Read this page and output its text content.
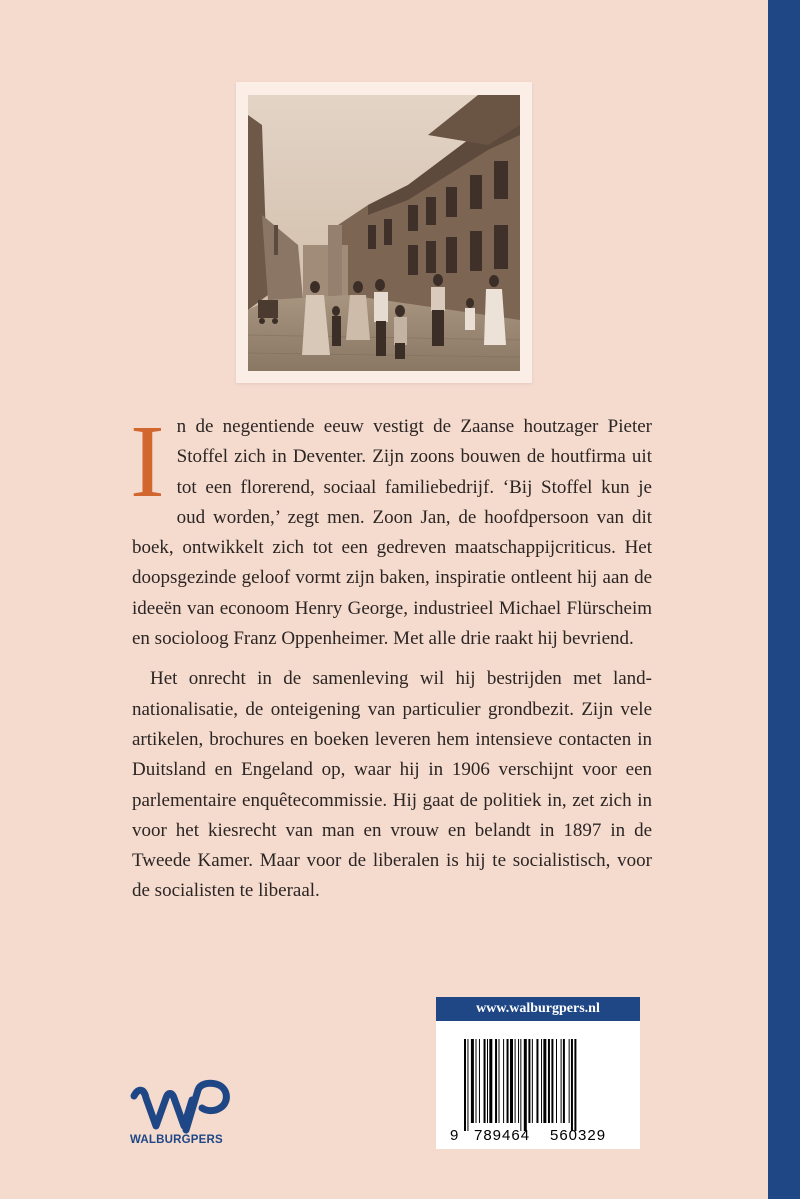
In de negentiende eeuw vestigt de Zaanse houtzager Pieter Stoffel zich in Deventer. Zijn zoons bouwen de houtfirma uit tot een florerend, sociaal familiebedrijf. ‘Bij Stoffel kun je oud worden,’ zegt men. Zoon Jan, de hoofdpersoon van dit boek, ontwikkelt zich tot een gedreven maatschappijcriticus. Het doopsgezinde geloof vormt zijn baken, inspiratie ontleent hij aan de ideeën van econoom Henry George, industrieel Michael Flürscheim en socioloog Franz Oppenheimer. Met alle drie raakt hij bevriend.

Het onrecht in de samenleving wil hij bestrijden met landnationalisatie, de onteigening van particulier grondbezit. Zijn vele artikelen, brochures en boeken leveren hem intensieve contacten in Duitsland en Engeland op, waar hij in 1906 verschijnt voor een parlementaire enquêtecommissie. Hij gaat de politiek in, zet zich in voor het kiesrecht van man en vrouw en belandt in 1897 in de Tweede Kamer. Maar voor de liberalen is hij te socialistisch, voor de socialisten te liberaal.

www.walburgpers.nl
9 789464 560329
WALBURGPERS
